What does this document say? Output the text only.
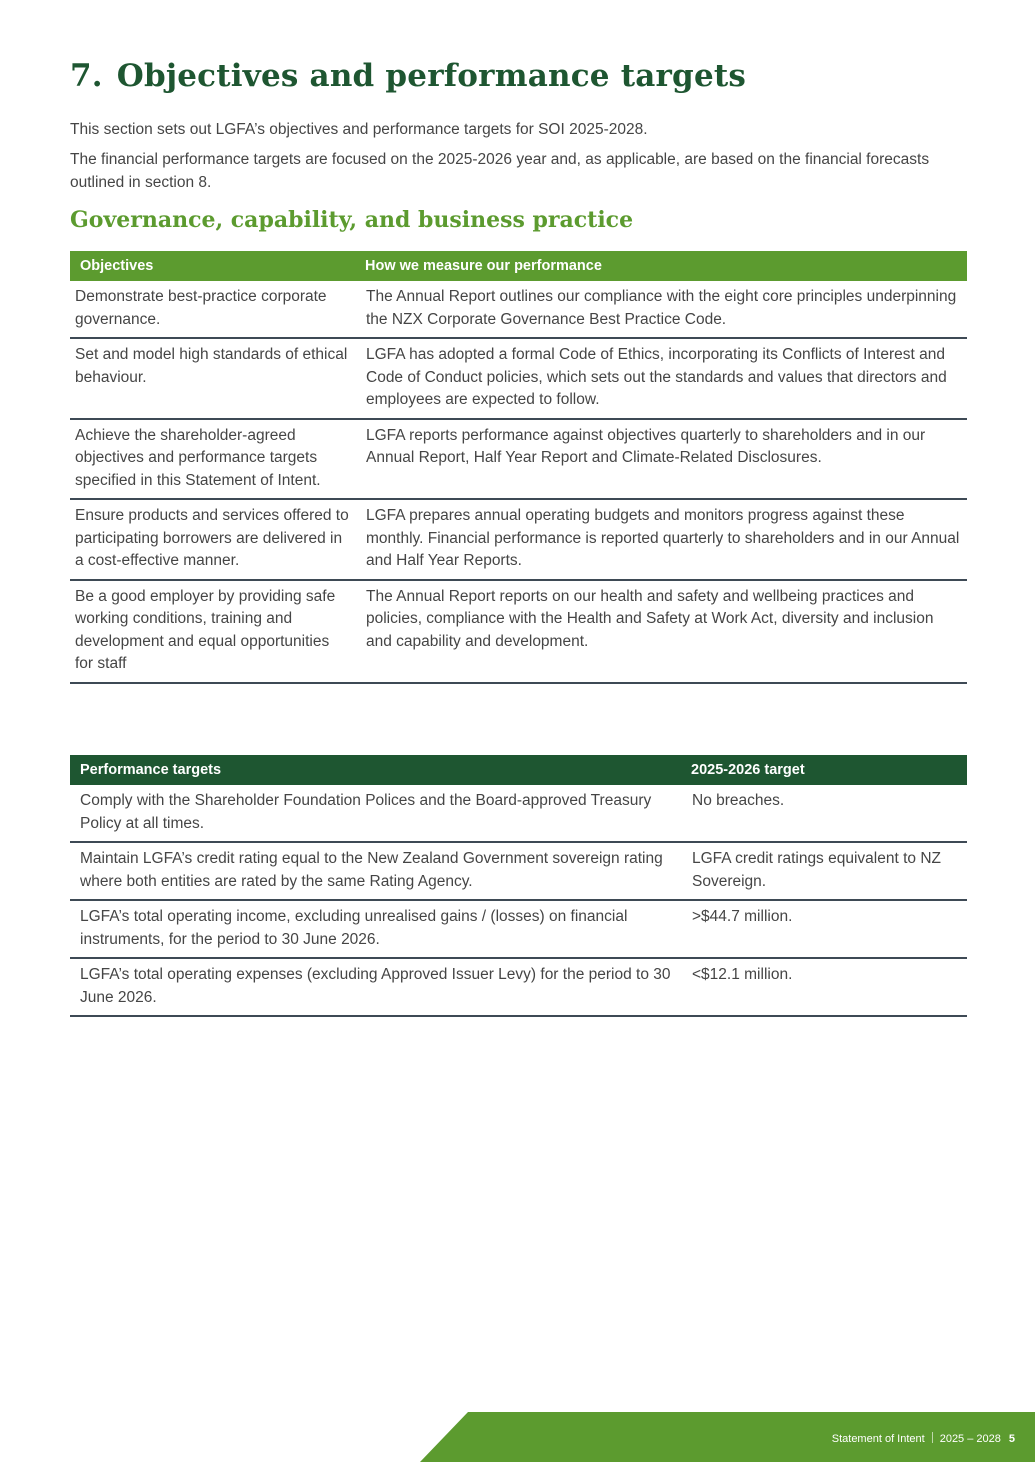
7. Objectives and performance targets

This section sets out LGFA’s objectives and performance targets for SOI 2025-2028.

The financial performance targets are focused on the 2025-2026 year and, as applicable, are based on the financial forecasts outlined in section 8.

Governance, capability, and business practice
Objectives	How we measure our performance
Demonstrate best-practice corporate governance.	The Annual Report outlines our compliance with the eight core principles underpinning the NZX Corporate Governance Best Practice Code.
Set and model high standards of ethical behaviour.	LGFA has adopted a formal Code of Ethics, incorporating its Conflicts of Interest and Code of Conduct policies, which sets out the standards and values that directors and employees are expected to follow.
Achieve the shareholder-agreed objectives and performance targets specified in this Statement of Intent.	LGFA reports performance against objectives quarterly to shareholders and in our Annual Report, Half Year Report and Climate-Related Disclosures.
Ensure products and services offered to participating borrowers are delivered in a cost-effective manner.	LGFA prepares annual operating budgets and monitors progress against these monthly. Financial performance is reported quarterly to shareholders and in our Annual and Half Year Reports.
Be a good employer by providing safe working conditions, training and development and equal opportunities for staff	The Annual Report reports on our health and safety and wellbeing practices and policies, compliance with the Health and Safety at Work Act, diversity and inclusion and capability and development.
Performance targets	2025-2026 target
Comply with the Shareholder Foundation Polices and the Board-approved Treasury Policy at all times.	No breaches.
Maintain LGFA’s credit rating equal to the New Zealand Government sovereign rating where both entities are rated by the same Rating Agency.	LGFA credit ratings equivalent to NZ Sovereign.
LGFA’s total operating income, excluding unrealised gains / (losses) on financial instruments, for the period to 30 June 2026.	>$44.7 million.
LGFA’s total operating expenses (excluding Approved Issuer Levy) for the period to 30 June 2026.	<$12.1 million.
Statement of Intent 2025 – 2028 5
